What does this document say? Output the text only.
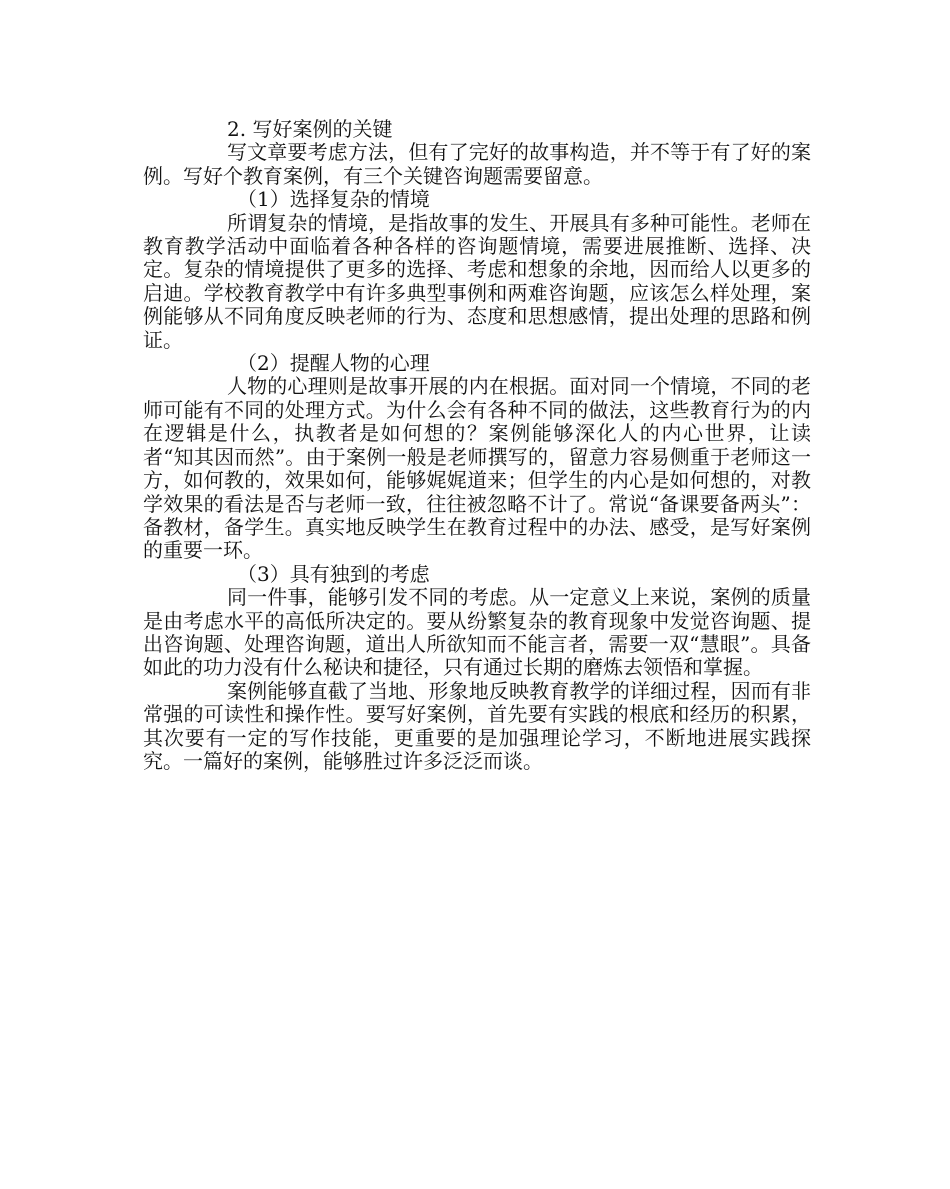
2. 写好案例的关键

写文章要考虑方法，但有了完好的故事构造，并不等于有了好的案例。写好个教育案例，有三个关键咨询题需要留意。

（1）选择复杂的情境

所谓复杂的情境，是指故事的发生、开展具有多种可能性。老师在教育教学活动中面临着各种各样的咨询题情境，需要进展推断、选择、决定。复杂的情境提供了更多的选择、考虑和想象的余地，因而给人以更多的启迪。学校教育教学中有许多典型事例和两难咨询题，应该怎么样处理，案例能够从不同角度反映老师的行为、态度和思想感情，提出处理的思路和例证。

（2）提醒人物的心理

人物的心理则是故事开展的内在根据。面对同一个情境，不同的老师可能有不同的处理方式。为什么会有各种不同的做法，这些教育行为的内在逻辑是什么，执教者是如何想的？案例能够深化人的内心世界，让读者“知其因而然”。由于案例一般是老师撰写的，留意力容易侧重于老师这一方，如何教的，效果如何，能够娓娓道来；但学生的内心是如何想的，对教学效果的看法是否与老师一致，往往被忽略不计了。常说“备课要备两头”：备教材，备学生。真实地反映学生在教育过程中的办法、感受，是写好案例的重要一环。

（3）具有独到的考虑

同一件事，能够引发不同的考虑。从一定意义上来说，案例的质量是由考虑水平的高低所决定的。要从纷繁复杂的教育现象中发觉咨询题、提出咨询题、处理咨询题，道出人所欲知而不能言者，需要一双“慧眼”。具备如此的功力没有什么秘诀和捷径，只有通过长期的磨炼去领悟和掌握。

案例能够直截了当地、形象地反映教育教学的详细过程，因而有非常强的可读性和操作性。要写好案例，首先要有实践的根底和经历的积累，其次要有一定的写作技能，更重要的是加强理论学习，不断地进展实践探究。一篇好的案例，能够胜过许多泛泛而谈。
